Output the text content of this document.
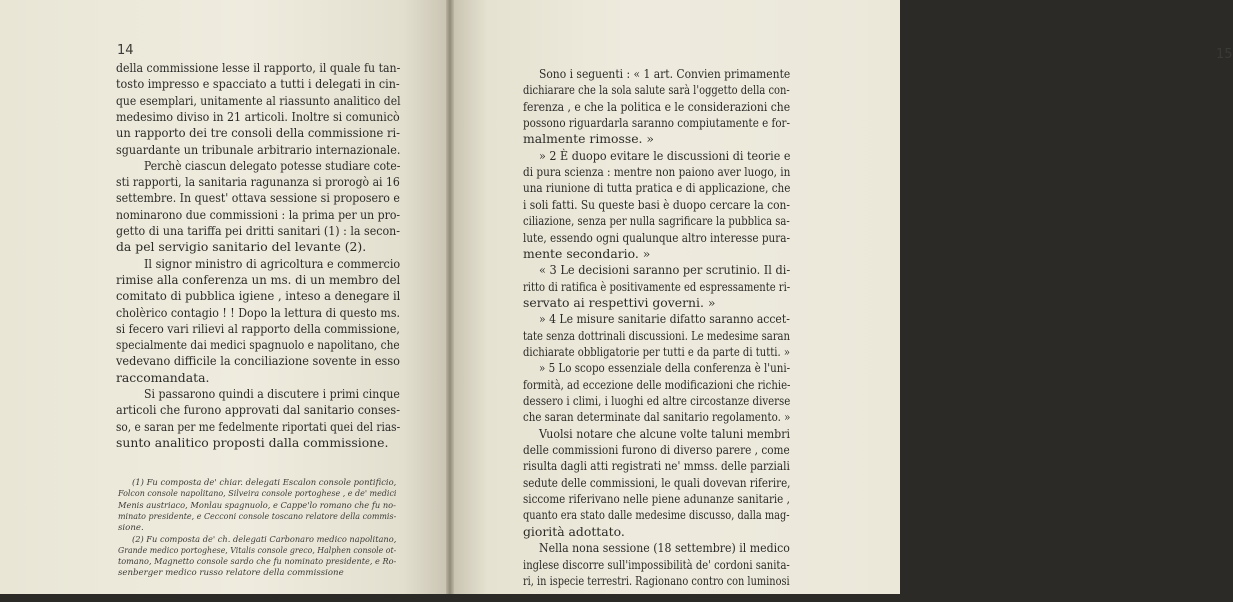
14
della commissione lesse il rapporto, il quale fu tan-
tosto impresso e spacciato a tutti i delegati in cin-
que esemplari, unitamente al riassunto analitico del
medesimo diviso in 21 articoli. Inoltre si comunicò
un rapporto dei tre consoli della commissione ri-
sguardante un tribunale arbitrario internazionale.
Perchè ciascun delegato potesse studiare cote-
sti rapporti, la sanitaria ragunanza si prorogò ai 16
settembre. In quest' ottava sessione si proposero e
nominarono due commissioni : la prima per un pro-
getto di una tariffa pei dritti sanitari (1) : la secon-
da pel servigio sanitario del levante (2).
Il signor ministro di agricoltura e commercio
rimise alla conferenza un ms. di un membro del
comitato di pubblica igiene , inteso a denegare il
cholèrico contagio ! ! Dopo la lettura di questo ms.
si fecero vari rilievi al rapporto della commissione,
specialmente dai medici spagnuolo e napolitano, che
vedevano difficile la conciliazione sovente in esso
raccomandata.
Si passarono quindi a discutere i primi cinque
articoli che furono approvati dal sanitario conses-
so, e saran per me fedelmente riportati quei del rias-
sunto analitico proposti dalla commissione.
(1) Fu composta de' chiar. delegati Escalon console pontificio,
Folcon console napolitano, Silveira console portoghese , e de' medici
Menis austriaco, Monlau spagnuolo, e Cappe'lo romano che fu no-
minato presidente, e Cecconi console toscano relatore della commis-
sione.
(2) Fu composta de' ch. delegati Carbonaro medico napolitano,
Grande medico portoghese, Vitalis console greco, Halphen console ot-
tomano, Magnetto console sardo che fu nominato presidente, e Ro-
senberger medico russo relatore della commissione
15
Sono i seguenti : « 1 art. Convien primamente
dichiarare che la sola salute sarà l'oggetto della con-
ferenza , e che la politica e le considerazioni che
possono riguardarla saranno compiutamente e for-
malmente rimosse. »
» 2 È duopo evitare le discussioni di teorie e
di pura scienza : mentre non paiono aver luogo, in
una riunione di tutta pratica e di applicazione, che
i soli fatti. Su queste basi è duopo cercare la con-
ciliazione, senza per nulla sagrificare la pubblica sa-
lute, essendo ogni qualunque altro interesse pura-
mente secondario. »
« 3 Le decisioni saranno per scrutinio. Il di-
ritto di ratifica è positivamente ed espressamente ri-
servato ai respettivi governi. »
» 4 Le misure sanitarie difatto saranno accet-
tate senza dottrinali discussioni. Le medesime saran
dichiarate obbligatorie per tutti e da parte di tutti. »
» 5 Lo scopo essenziale della conferenza è l'uni-
formità, ad eccezione delle modificazioni che richie-
dessero i climi, i luoghi ed altre circostanze diverse
che saran determinate dal sanitario regolamento. »
Vuolsi notare che alcune volte taluni membri
delle commissioni furono di diverso parere , come
risulta dagli atti registrati ne' mmss. delle parziali
sedute delle commissioni, le quali dovevan riferire,
siccome riferivano nelle piene adunanze sanitarie ,
quanto era stato dalle medesime discusso, dalla mag-
giorità adottato.
Nella nona sessione (18 settembre) il medico
inglese discorre sull'impossibilità de' cordoni sanita-
ri, in ispecie terrestri. Ragionano contro con luminosi
